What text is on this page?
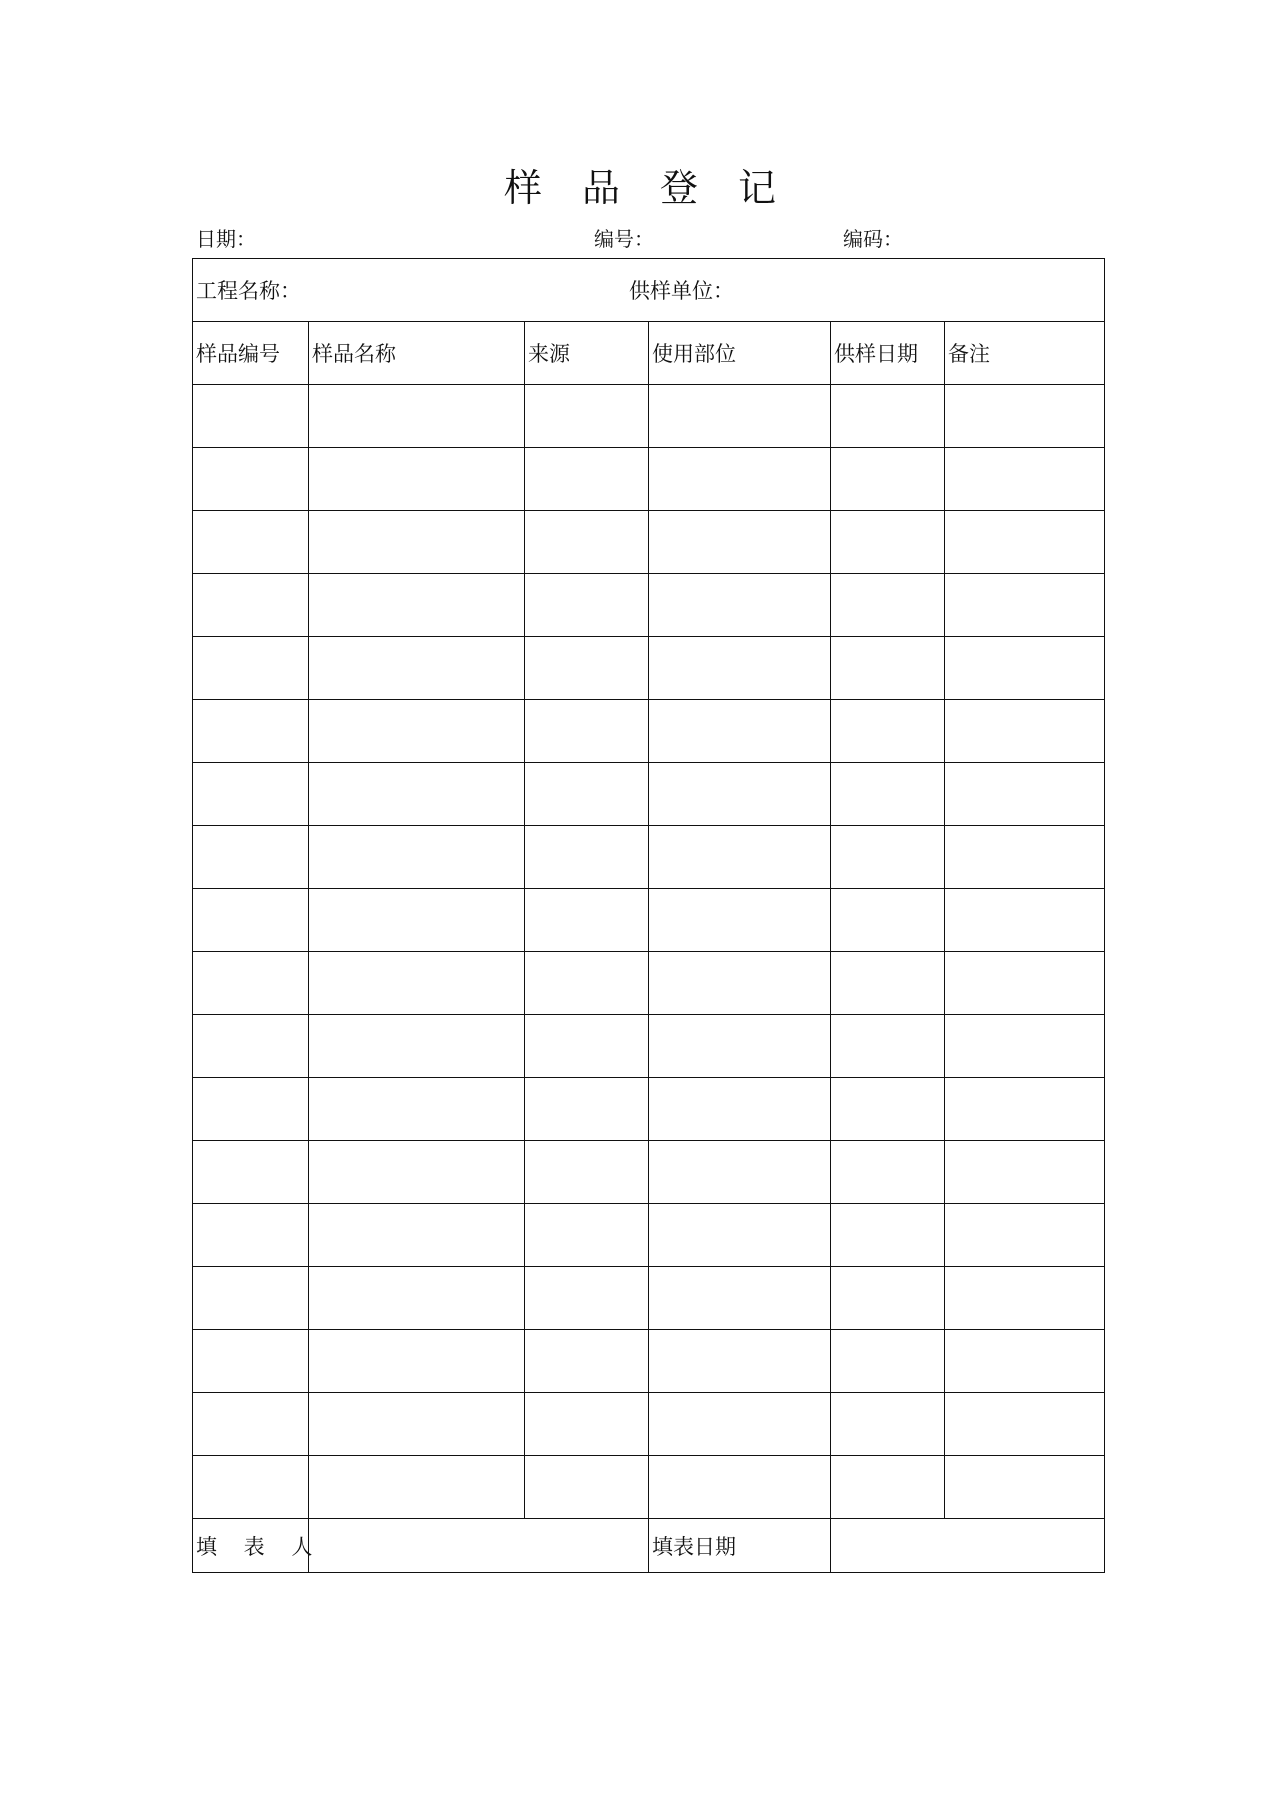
样品登记
日期：	编号：	编码：
工程名称： 供样单位：					

样品编号	样品名称	来源	使用部位	供样日期	备注

填 表 人			填表日期		
